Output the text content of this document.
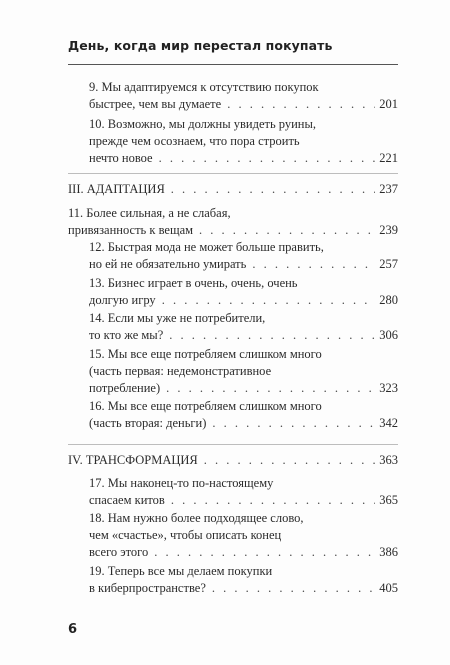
День, когда мир перестал покупать
9. Мы адаптируемся к отсутствию покупок
быстрее, чем вы думаете . . .	201
10. Возможно, мы должны увидеть руины,
прежде чем осознаем, что пора строить
нечто новое . . .	221
III. АДАПТАЦИЯ . . .	237
11. Более сильная, а не слабая,
привязанность к вещам . . .	239
12. Быстрая мода не может больше править,
но ей не обязательно умирать . . .	257
13. Бизнес играет в очень, очень, очень
долгую игру . . .	280
14. Если мы уже не потребители,
то кто же мы? . . .	306
15. Мы все еще потребляем слишком много
(часть первая: недемонстративное
потребление) . . .	323
16. Мы все еще потребляем слишком много
(часть вторая: деньги) . . .	342
IV. ТРАНСФОРМАЦИЯ . . .	363
17. Мы наконец-то по-настоящему
спасаем китов . . .	365
18. Нам нужно более подходящее слово,
чем «счастье», чтобы описать конец
всего этого . . .	386
19. Теперь все мы делаем покупки
в киберпространстве? . . .	405
6
